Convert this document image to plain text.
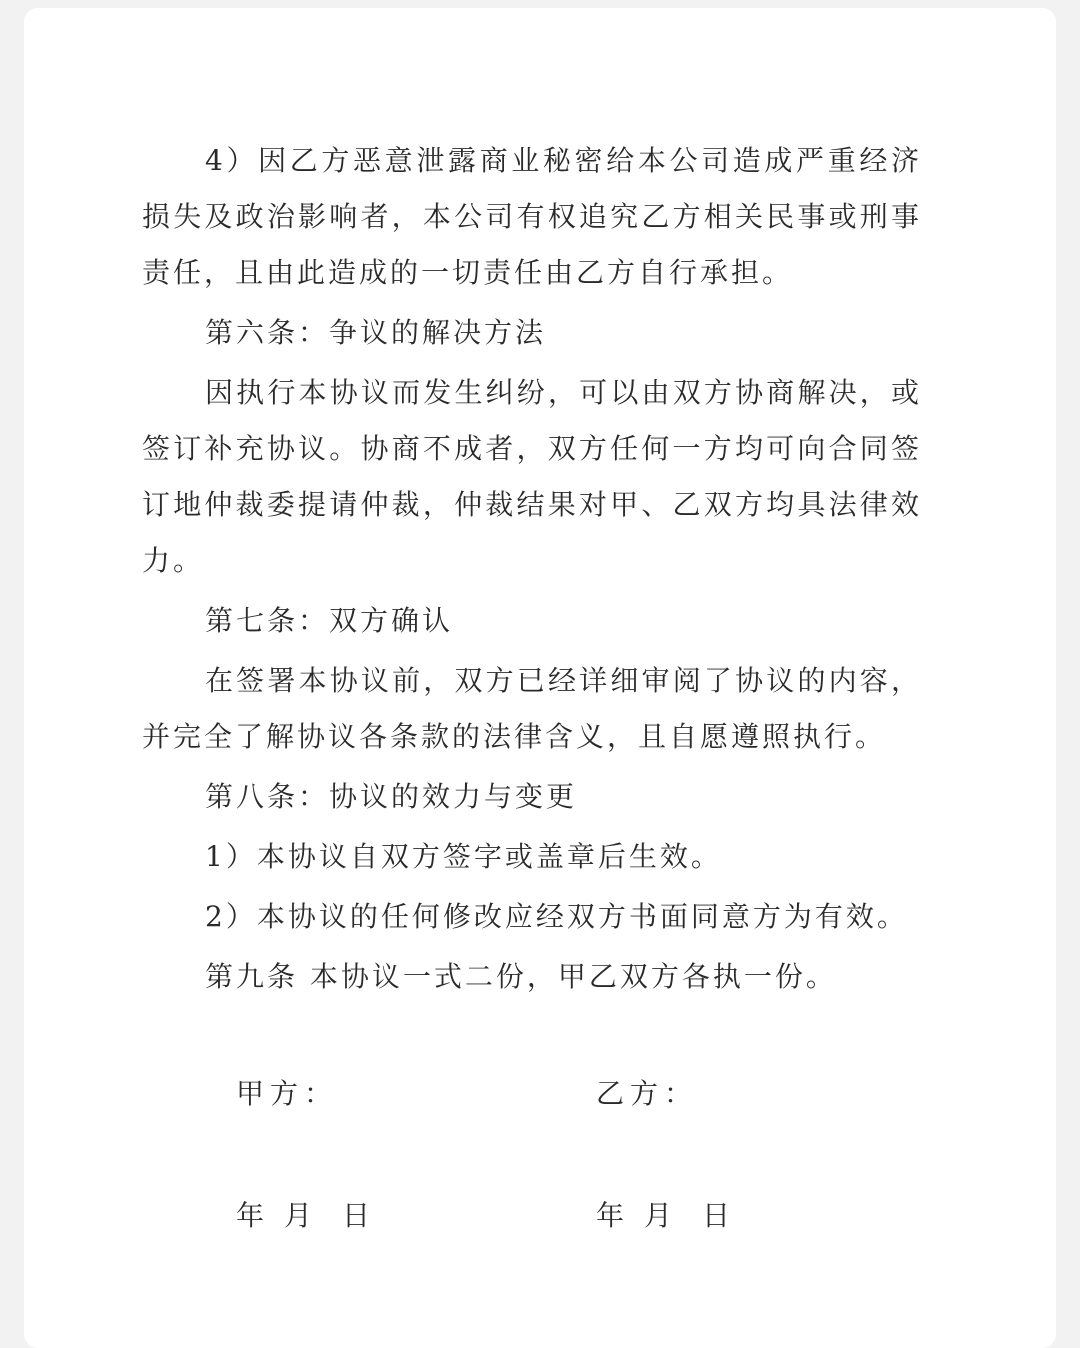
4）因乙方恶意泄露商业秘密给本公司造成严重经济损失及政治影响者，本公司有权追究乙方相关民事或刑事责任，且由此造成的一切责任由乙方自行承担。

第六条：争议的解决方法

因执行本协议而发生纠纷，可以由双方协商解决，或签订补充协议。协商不成者，双方任何一方均可向合同签订地仲裁委提请仲裁，仲裁结果对甲、乙双方均具法律效力。

第七条：双方确认

在签署本协议前，双方已经详细审阅了协议的内容，并完全了解协议各条款的法律含义，且自愿遵照执行。

第八条：协议的效力与变更

1）本协议自双方签字或盖章后生效。

2）本协议的任何修改应经双方书面同意方为有效。

第九条 本协议一式二份，甲乙双方各执一份。

甲方：	乙方：
年 月 日	年 月 日
